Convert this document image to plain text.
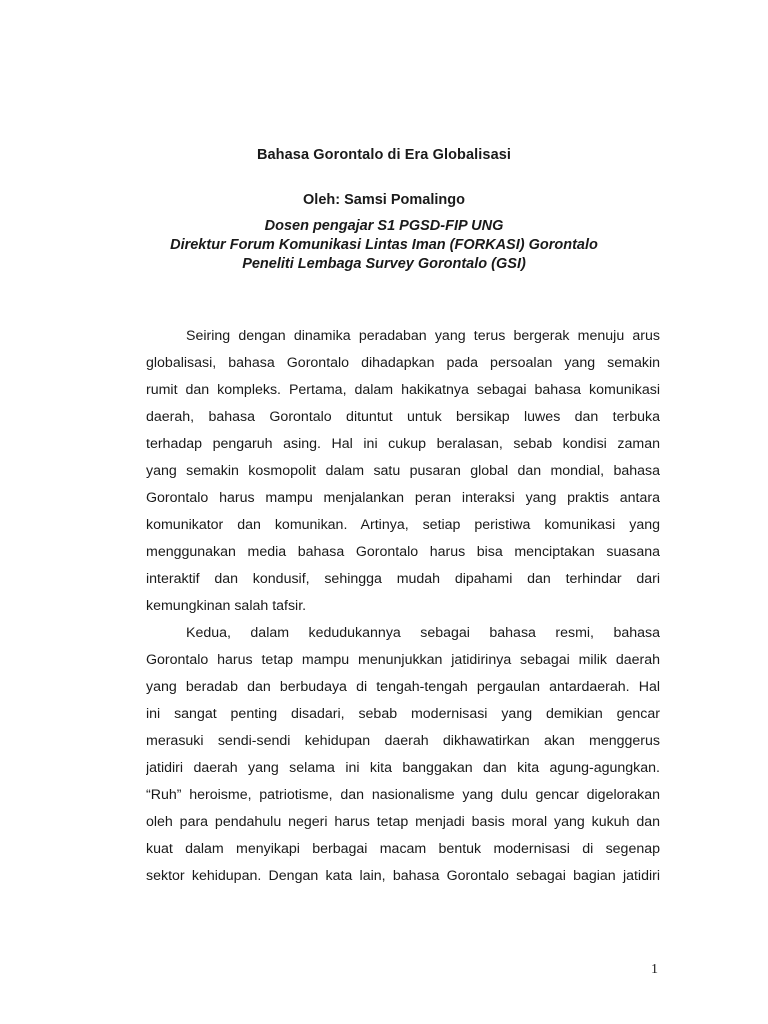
Bahasa Gorontalo di Era Globalisasi
Oleh: Samsi Pomalingo
Dosen pengajar S1 PGSD-FIP UNG
Direktur Forum Komunikasi Lintas Iman (FORKASI) Gorontalo
Peneliti Lembaga Survey Gorontalo (GSI)
Seiring dengan dinamika peradaban yang terus bergerak menuju arus
globalisasi, bahasa Gorontalo dihadapkan pada persoalan yang semakin
rumit dan kompleks. Pertama, dalam hakikatnya sebagai bahasa komunikasi
daerah, bahasa Gorontalo dituntut untuk bersikap luwes dan terbuka
terhadap pengaruh asing. Hal ini cukup beralasan, sebab kondisi zaman
yang semakin kosmopolit dalam satu pusaran global dan mondial, bahasa
Gorontalo harus mampu menjalankan peran interaksi yang praktis antara
komunikator dan komunikan. Artinya, setiap peristiwa komunikasi yang
menggunakan media bahasa Gorontalo harus bisa menciptakan suasana
interaktif dan kondusif, sehingga mudah dipahami dan terhindar dari
kemungkinan salah tafsir.
Kedua, dalam kedudukannya sebagai bahasa resmi, bahasa
Gorontalo harus tetap mampu menunjukkan jatidirinya sebagai milik daerah
yang beradab dan berbudaya di tengah-tengah pergaulan antardaerah. Hal
ini sangat penting disadari, sebab modernisasi yang demikian gencar
merasuki sendi-sendi kehidupan daerah dikhawatirkan akan menggerus
jatidiri daerah yang selama ini kita banggakan dan kita agung-agungkan.
“Ruh” heroisme, patriotisme, dan nasionalisme yang dulu gencar digelorakan
oleh para pendahulu negeri harus tetap menjadi basis moral yang kukuh dan
kuat dalam menyikapi berbagai macam bentuk modernisasi di segenap
sektor kehidupan. Dengan kata lain, bahasa Gorontalo sebagai bagian jatidiri
1
